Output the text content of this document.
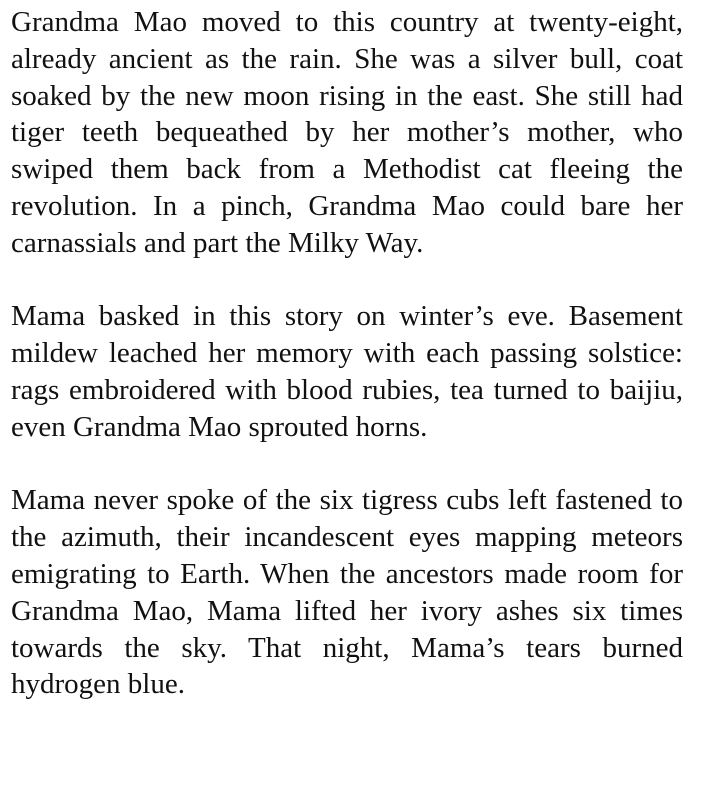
Grandma Mao moved to this country at twenty-eight, already ancient as the rain. She was a silver bull, coat soaked by the new moon rising in the east. She still had tiger teeth bequeathed by her mother’s mother, who swiped them back from a Methodist cat fleeing the revolution. In a pinch, Grandma Mao could bare her carnassials and part the Milky Way.

Mama basked in this story on winter’s eve. Basement mildew leached her memory with each passing solstice: rags embroidered with blood rubies, tea turned to baijiu, even Grandma Mao sprouted horns.

Mama never spoke of the six tigress cubs left fastened to the azimuth, their incandescent eyes mapping meteors emigrating to Earth. When the ancestors made room for Grandma Mao, Mama lifted her ivory ashes six times towards the sky. That night, Mama’s tears burned hydrogen blue.
